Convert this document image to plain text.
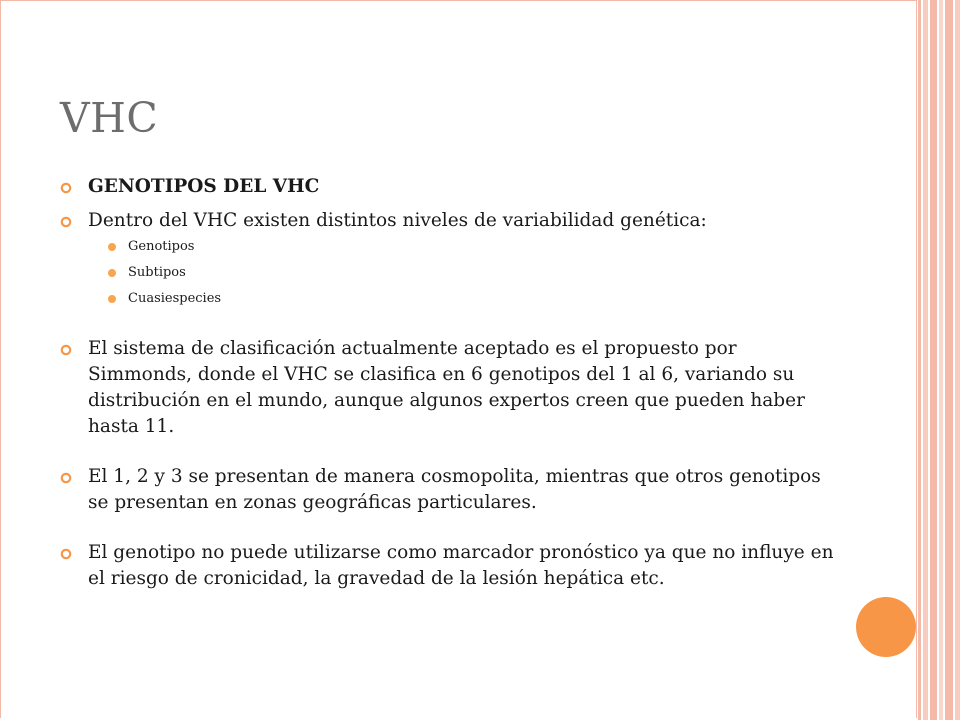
VHC
GENOTIPOS DEL VHC
Dentro del VHC existen distintos niveles de variabilidad genética:
Genotipos
Subtipos
Cuasiespecies
El sistema de clasificación actualmente aceptado es el propuesto por Simmonds, donde el VHC se clasifica en 6 genotipos del 1 al 6, variando su distribución en el mundo, aunque algunos expertos creen que pueden haber hasta 11.
El 1, 2 y 3 se presentan de manera cosmopolita, mientras que otros genotipos se presentan en zonas geográficas particulares.
El genotipo no puede utilizarse como marcador pronóstico ya que no influye en el riesgo de cronicidad, la gravedad de la lesión hepática etc.
